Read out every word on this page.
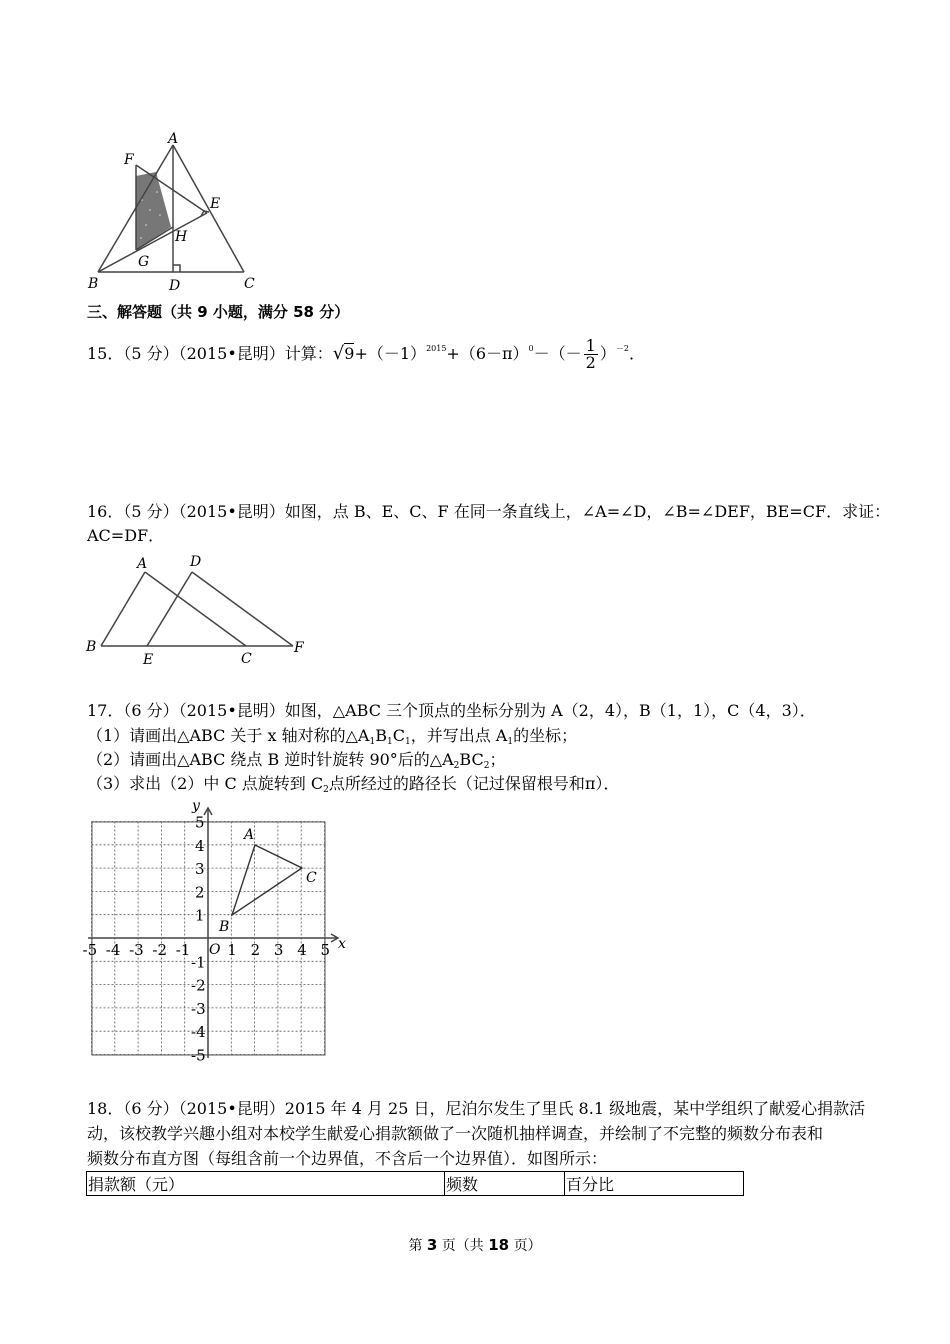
A
F
E
H
G
B	D	C
三、解答题（共 9 小题，满分 58 分）
15．（5 分）（2015•昆明）计算：$√9+(-1)^{2015}+(6-\pi)^0-(- \frac{1}{2} )^{-2}$．
16．（5 分）（2015•昆明）如图，点 B、E、C、F 在同一条直线上，∠A=∠D，∠B=∠DEF，BE=CF．求证：
AC=DF．
A	D
B
E	C
F
17．（6 分）（2015•昆明）如图，△ABC 三个顶点的坐标分别为 A（2，4），B（1，1），C（4，3）．
（1）请画出△ABC 关于 x 轴对称的$\triangle A_1B_1C_1$，并写出点 $A_1$的坐标；
（2）请画出△ABC 绕点 B 逆时针旋转 90°后的$\triangle A_2BC_2$；
（3）求出（2）中 C 点旋转到 $C_2$点所经过的路径长（记过保留根号和π）．
x
y
O
A
B
C
-5 -4 -3 -2 -1 1 2 3 4 5
5
4
3
2
1
-1
-2
-3
-4
-5
18．（6 分）（2015•昆明）2015 年 4 月 25 日，尼泊尔发生了里氏 8.1 级地震，某中学组织了献爱心捐款活
动，该校教学兴趣小组对本校学生献爱心捐款额做了一次随机抽样调查，并绘制了不完整的频数分布表和
频数分布直方图（每组含前一个边界值，不含后一个边界值）．如图所示：
捐款额（元）	频数	百分比
第 3 页（共 18 页）
